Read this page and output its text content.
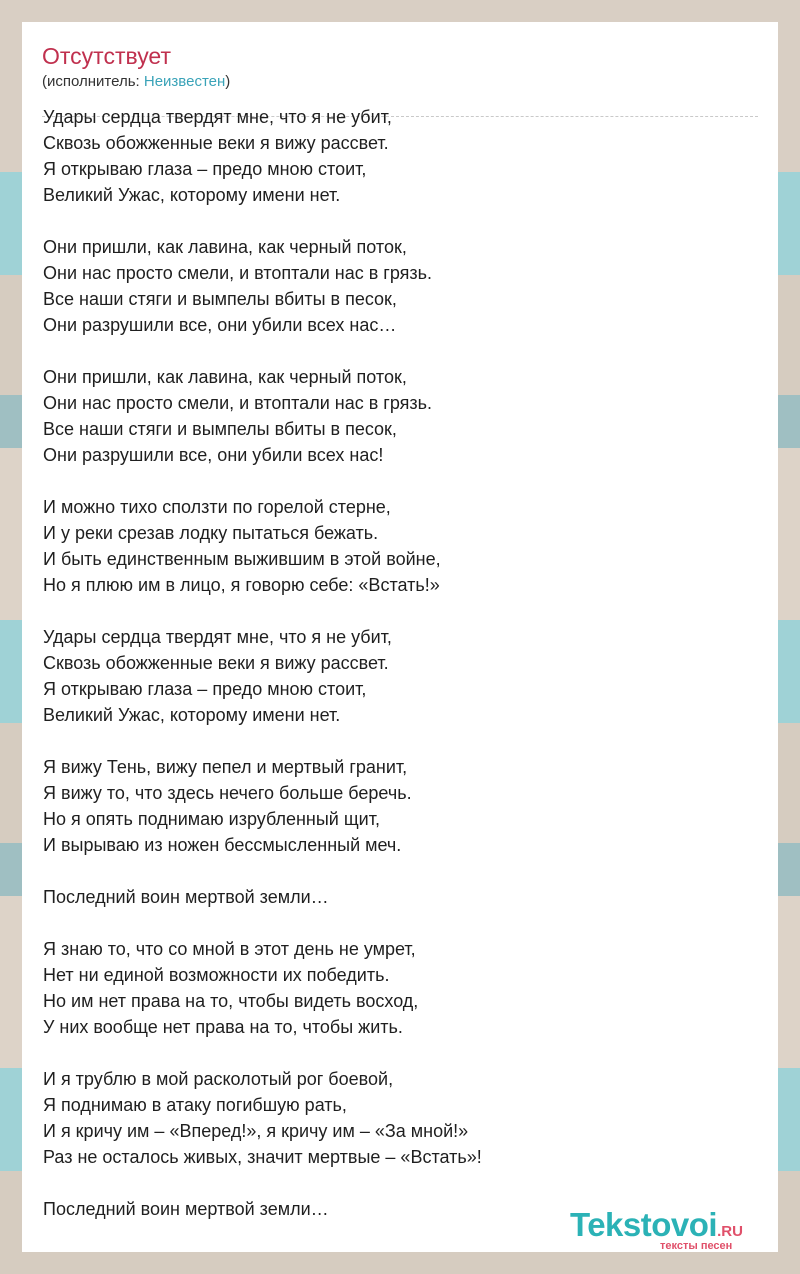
Отсутствует
(исполнитель: Неизвестен)
Удары сердца твердят мне, что я не убит,
Сквозь обожженные веки я вижу рассвет.
Я открываю глаза – предо мною стоит,
Великий Ужас, которому имени нет.
Они пришли, как лавина, как черный поток,
Они нас просто смели, и втоптали нас в грязь.
Все наши стяги и вымпелы вбиты в песок,
Они разрушили все, они убили всех нас…
Они пришли, как лавина, как черный поток,
Они нас просто смели, и втоптали нас в грязь.
Все наши стяги и вымпелы вбиты в песок,
Они разрушили все, они убили всех нас!
И можно тихо сползти по горелой стерне,
И у реки срезав лодку пытаться бежать.
И быть единственным выжившим в этой войне,
Но я плюю им в лицо, я говорю себе: «Встать!»
Удары сердца твердят мне, что я не убит,
Сквозь обожженные веки я вижу рассвет.
Я открываю глаза – предо мною стоит,
Великий Ужас, которому имени нет.
Я вижу Тень, вижу пепел и мертвый гранит,
Я вижу то, что здесь нечего больше беречь.
Но я опять поднимаю изрубленный щит,
И вырываю из ножен бессмысленный меч.
Последний воин мертвой земли…
Я знаю то, что со мной в этот день не умрет,
Нет ни единой возможности их победить.
Но им нет права на то, чтобы видеть восход,
У них вообще нет права на то, чтобы жить.
И я трублю в мой расколотый рог боевой,
Я поднимаю в атаку погибшую рать,
И я кричу им – «Вперед!», я кричу им – «За мной!»
Раз не осталось живых, значит мертвые – «Встать»!
Последний воин мертвой земли…	Tekstovoi.RU
тексты песен
